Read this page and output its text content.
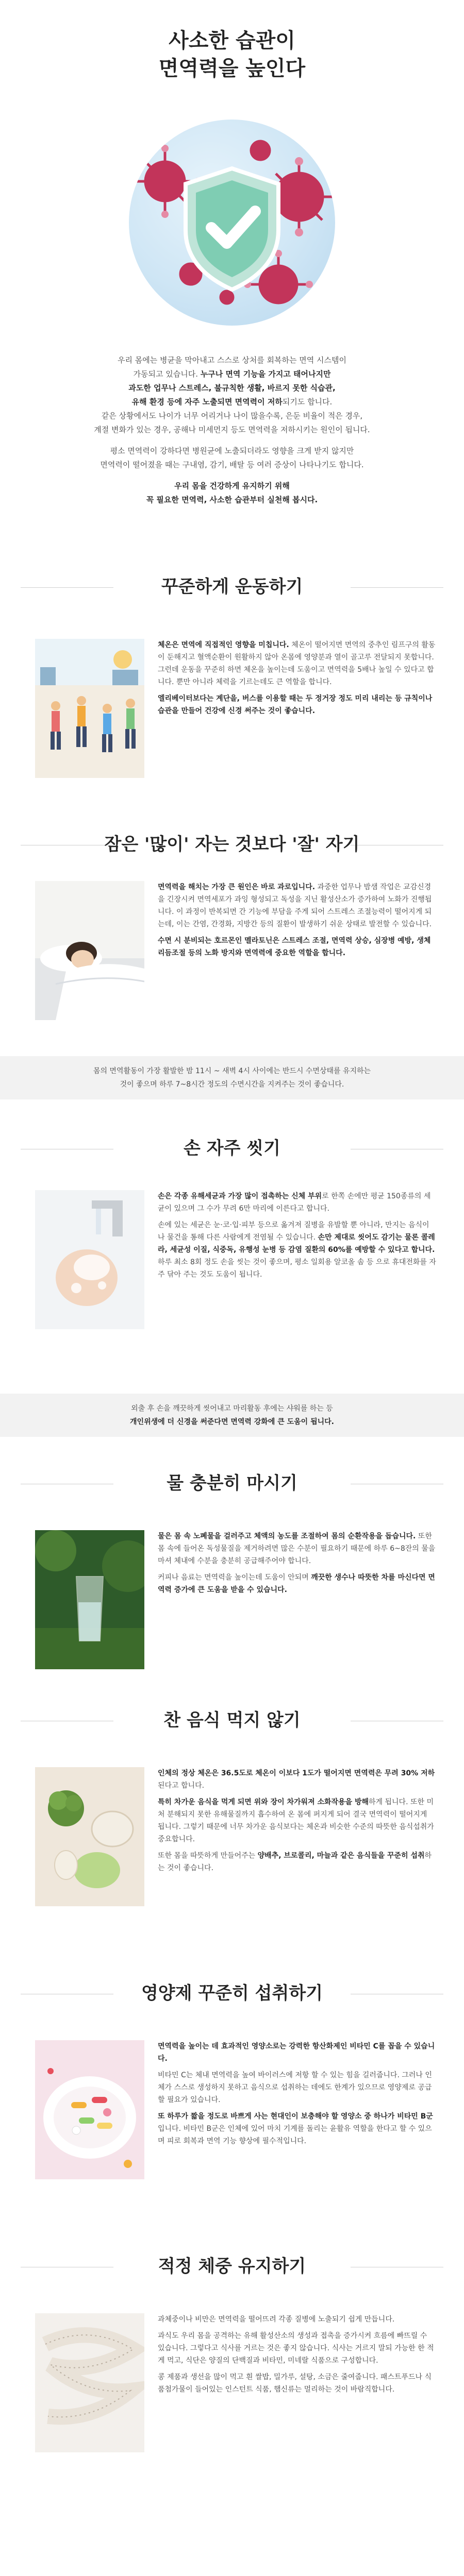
사소한 습관이
면역력을 높인다

우리 몸에는 병균을 막아내고 스스로 상처를 회복하는 면역 시스템이
가동되고 있습니다. 누구나 면역 기능을 가지고 태어나지만
과도한 업무나 스트레스, 불규칙한 생활, 바르지 못한 식습관,
유해 환경 등에 자주 노출되면 면역력이 저하되기도 합니다.
같은 상황에서도 나이가 너무 어리거나 나이 많을수록, 은둔 비율이 적은 경우,
계절 변화가 있는 경우, 공해나 미세먼지 등도 면역력을 저하시키는 원인이 됩니다.

평소 면역력이 강하다면 병원균에 노출되더라도 영향을 크게 받지 않지만
면역력이 떨어졌을 때는 구내염, 감기, 배탈 등 여러 증상이 나타나기도 합니다.

우리 몸을 건강하게 유지하기 위해
꼭 필요한 면역력, 사소한 습관부터 실천해 봅시다.

꾸준하게 운동하기

체온은 면역에 직접적인 영향을 미칩니다. 체온이 떨어지면 면역의 중추인 림프구의 활동이 둔해지고 혈액순환이 원활하지 않아 온몸에 영양분과 열이 골고루 전달되지 못합니다. 그런데 운동을 꾸준히 하면 체온을 높이는데 도움이고 면역력을 5배나 높일 수 있다고 합니다. 뿐만 아니라 체력을 기르는데도 큰 역할을 합니다.

엘리베이터보다는 계단을, 버스를 이용할 때는 두 정거장 정도 미리 내리는 등 규칙이나 습관을 만들어 건강에 신경 써주는 것이 좋습니다.

잠은 '많이' 자는 것보다 '잘' 자기

면역력을 해치는 가장 큰 원인은 바로 과로입니다. 과중한 업무나 밤샘 작업은 교감신경을 긴장시켜 면역세포가 과잉 형성되고 독성을 지닌 활성산소가 증가하여 노화가 진행됩니다. 이 과정이 반복되면 간 기능에 부담을 주게 되어 스트레스 조절능력이 떨어지게 되는데, 이는 간염, 간경화, 지방간 등의 질환이 발생하기 쉬운 상태로 발전할 수 있습니다.

수면 시 분비되는 호르몬인 멜라토닌은 스트레스 조절, 면역력 상승, 심장병 예방, 생체 리듬조절 등의 노화 방지와 면역력에 중요한 역할을 합니다.

몸의 면역활동이 가장 활발한 밤 11시 ~ 새벽 4시 사이에는 반드시 수면상태를 유지하는
것이 좋으며 하루 7~8시간 정도의 수면시간을 지켜주는 것이 좋습니다.
손 자주 씻기

손은 각종 유해세균과 가장 많이 접촉하는 신체 부위로 한쪽 손에만 평균 150종류의 세균이 있으며 그 수가 무려 6만 마리에 이른다고 합니다.

손에 있는 세균은 눈·코·입·피부 등으로 옮겨져 질병을 유발할 뿐 아니라, 만지는 음식이나 물건을 통해 다른 사람에게 전염될 수 있습니다. 손만 제대로 씻어도 감기는 물론 콜레라, 세균성 이질, 식중독, 유행성 눈병 등 감염 질환의 60%를 예방할 수 있다고 합니다. 하루 최소 8회 정도 손을 씻는 것이 좋으며, 평소 일회용 알코올 솜 등 으로 휴대전화를 자주 닦아 주는 것도 도움이 됩니다.

외출 후 손을 깨끗하게 씻어내고 마리활동 후에는 샤워를 하는 등
개인위생에 더 신경을 써준다면 면역력 강화에 큰 도움이 됩니다.
물 충분히 마시기

물은 몸 속 노폐물을 걸러주고 체액의 농도를 조절하여 몸의 순환작용을 돕습니다. 또한 몸 속에 들어온 독성물질을 제거하려면 많은 수분이 필요하기 때문에 하루 6~8잔의 물을 마셔 체내에 수분을 충분히 공급해주어야 합니다.

커피나 음료는 면역력을 높이는데 도움이 안되며 깨끗한 생수나 따뜻한 차를 마신다면 면역력 증가에 큰 도움을 받을 수 있습니다.

찬 음식 먹지 않기

인체의 정상 체온은 36.5도로 체온이 이보다 1도가 떨어지면 면역력은 무려 30% 저하된다고 합니다.

특히 차가운 음식을 먹게 되면 위와 장이 차가워져 소화작용을 방해하게 됩니다. 또한 미처 분해되지 못한 유해물질까지 흡수하여 온 몸에 퍼지게 되어 결국 면역력이 떨어지게 됩니다. 그렇기 때문에 너무 차가운 음식보다는 체온과 비슷한 수준의 따뜻한 음식섭취가 중요합니다.

또한 몸을 따뜻하게 만들어주는 양배추, 브로콜리, 마늘과 같은 음식들을 꾸준히 섭취하는 것이 좋습니다.

영양제 꾸준히 섭취하기

면역력을 높이는 데 효과적인 영양소로는 강력한 항산화제인 비타민 C를 꼽을 수 있습니다.

비타민 C는 체내 면역력을 높여 바이러스에 저항 할 수 있는 힘을 길러줍니다. 그러나 인체가 스스로 생성하지 못하고 음식으로 섭취하는 데에도 한계가 있으므로 영양제로 공급할 필요가 있습니다.

또 하루가 짧을 정도로 바쁘게 사는 현대인이 보충해야 할 영양소 중 하나가 비타민 B군입니다. 비타민 B군은 인체에 있어 마치 기계를 돌리는 윤활유 역할을 한다고 할 수 있으며 피로 회복과 면역 기능 향상에 필수적입니다.

적정 체중 유지하기

과체중이나 비만은 면역력을 떨어뜨려 각종 질병에 노출되기 쉽게 만듭니다.

과식도 우리 몸을 공격하는 유해 활성산소의 생성과 접촉을 증가시켜 흐름에 빠뜨릴 수 있습니다. 그렇다고 식사를 거르는 것은 좋지 않습니다. 식사는 거르지 말되 가능한 한 적게 먹고, 식단은 양질의 단백질과 비타민, 미네랄 식품으로 구성합니다.

콩 제품과 생선을 많이 먹고 흰 쌀밥, 밀가루, 설탕, 소금은 줄여줍니다. 패스트푸드나 식품첨가물이 들어있는 인스턴트 식품, 햄신류는 멀리하는 것이 바람직합니다.
